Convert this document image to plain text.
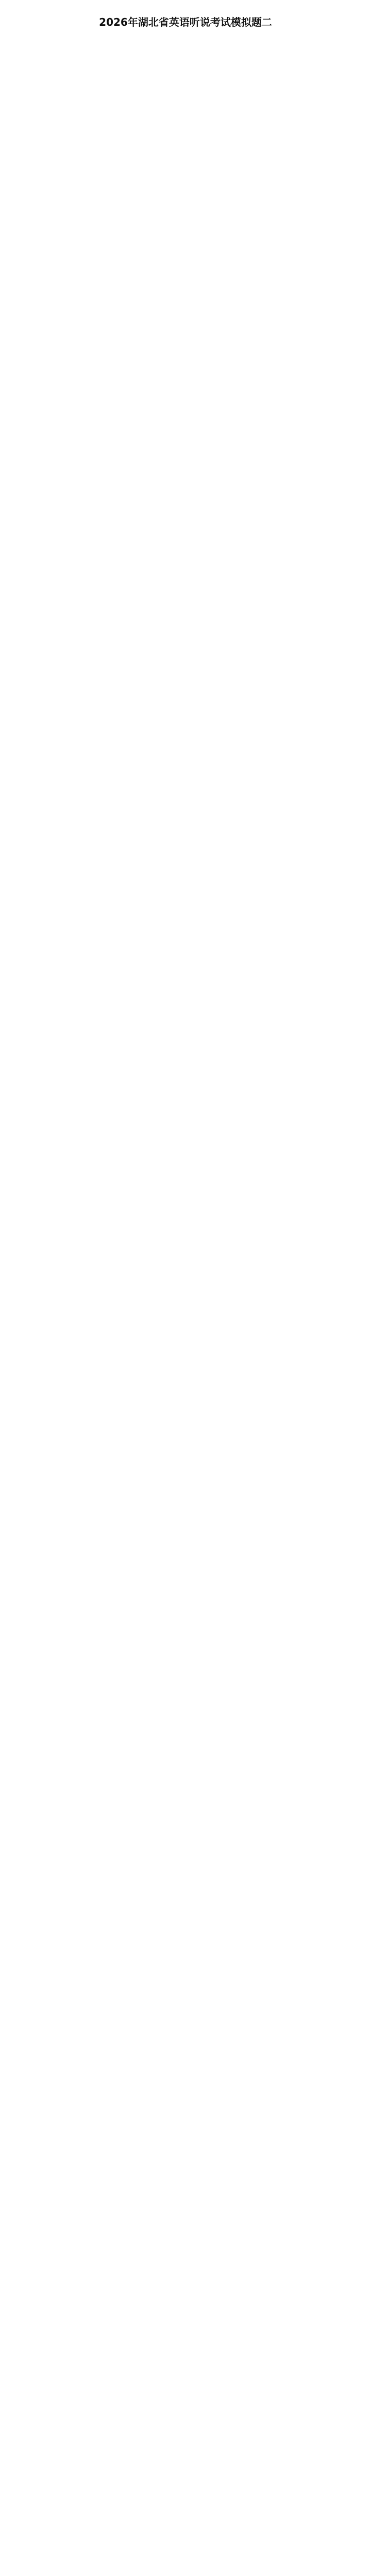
2026年湖北省英语听说考试模拟题二
